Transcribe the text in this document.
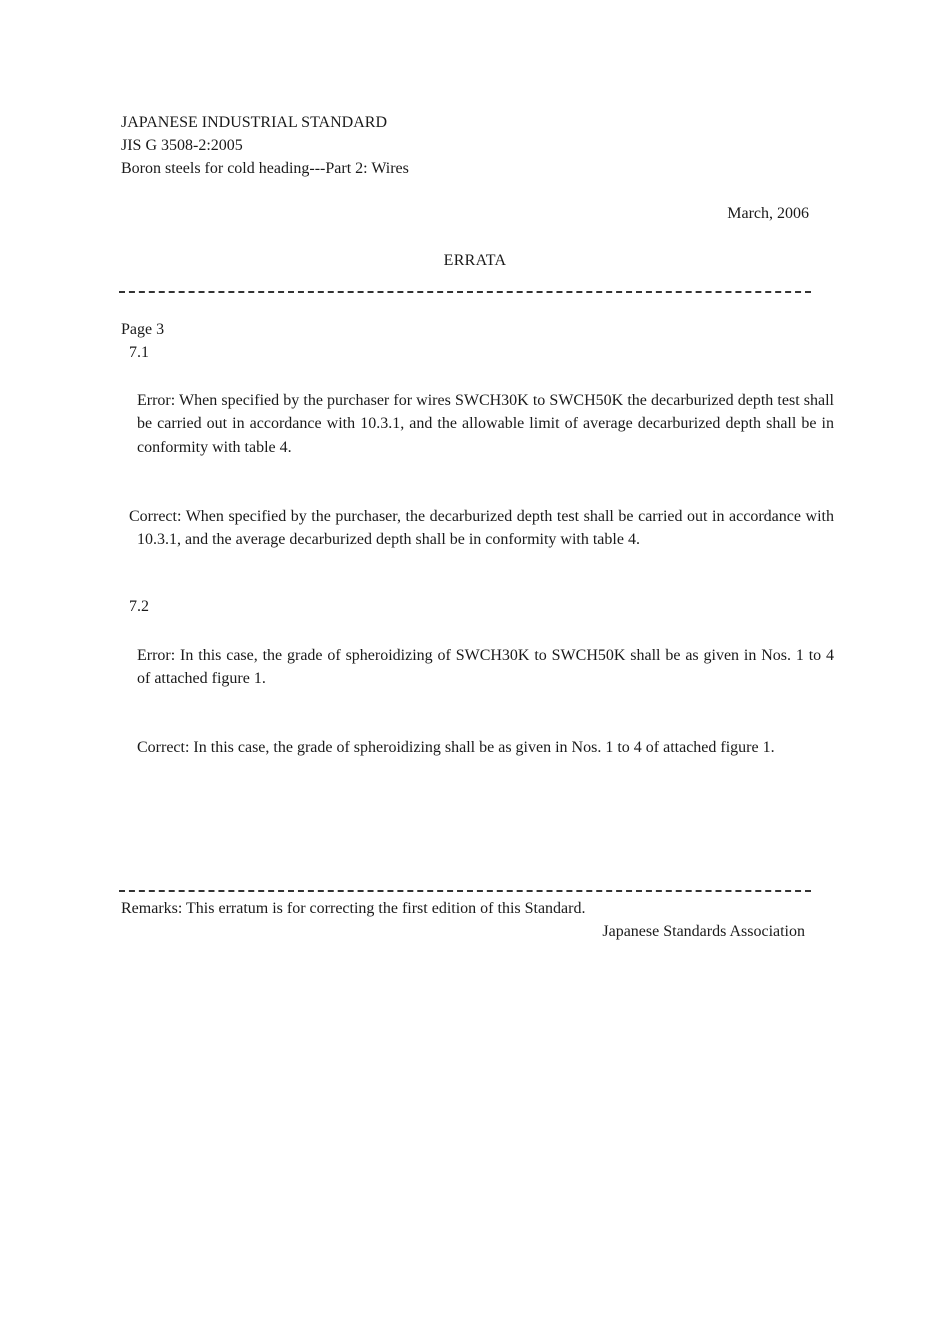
JAPANESE INDUSTRIAL STANDARD
JIS G 3508-2:2005
Boron steels for cold heading---Part 2: Wires
March, 2006
ERRATA
Page 3
7.1
Error: When specified by the purchaser for wires SWCH30K to SWCH50K the decarburized depth test shall be carried out in accordance with 10.3.1, and the allowable limit of average decarburized depth shall be in conformity with table 4.
Correct: When specified by the purchaser, the decarburized depth test shall be carried out in accordance with 10.3.1, and the average decarburized depth shall be in conformity with table 4.
7.2
Error: In this case, the grade of spheroidizing of SWCH30K to SWCH50K shall be as given in Nos. 1 to 4 of attached figure 1.
Correct: In this case, the grade of spheroidizing shall be as given in Nos. 1 to 4 of attached figure 1.
Remarks: This erratum is for correcting the first edition of this Standard.
Japanese Standards Association
